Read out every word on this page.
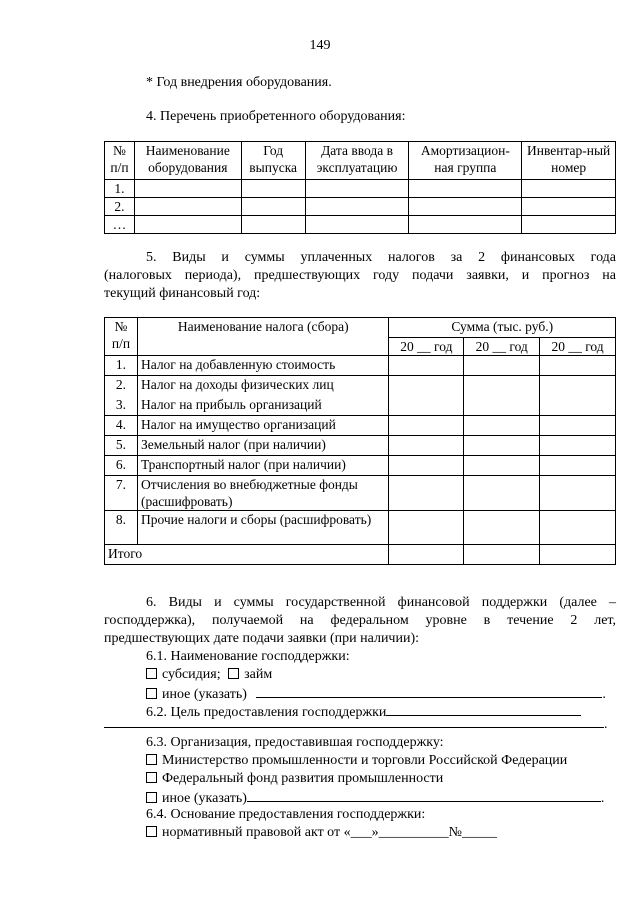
149

* Год внедрения оборудования.

4. Перечень приобретенного оборудования:

№ п/п	Наименование оборудования	Год выпуска	Дата ввода в эксплуатацию	Амортизацион-ная группа	Инвентар-ный номер
1.					
2.					
…					

5. Виды и суммы уплаченных налогов за 2 финансовых года

(налоговых периода), предшествующих году подачи заявки, и прогноз на

текущий финансовый год:

№ п/п	Наименование налога (сбора)	Сумма (тыс. руб.)		
		20 __ год	20 __ год	20 __ год
1.	Налог на добавленную стоимость			
2.	Налог на доходы физических лиц			
3.	Налог на прибыль организаций			
4.	Налог на имущество организаций			
5.	Земельный налог (при наличии)			
6.	Транспортный налог (при наличии)			
7.	Отчисления во внебюджетные фонды (расшифровать)			
8.	Прочие налоги и сборы (расшифровать)			
Итого				

6. Виды и суммы государственной финансовой поддержки (далее –

господдержка), получаемой на федеральном уровне в течение 2 лет,

предшествующих дате подачи заявки (при наличии):

6.1. Наименование господдержки:

субсидия; займ

иное (указать)	.

6.2. Цель предоставления господдержки

.

6.3. Организация, предоставившая господдержку:

Министерство промышленности и торговли Российской Федерации

Федеральный фонд развития промышленности

иное (указать)	.

6.4. Основание предоставления господдержки:

нормативный правовой акт от «___»__________№_____
